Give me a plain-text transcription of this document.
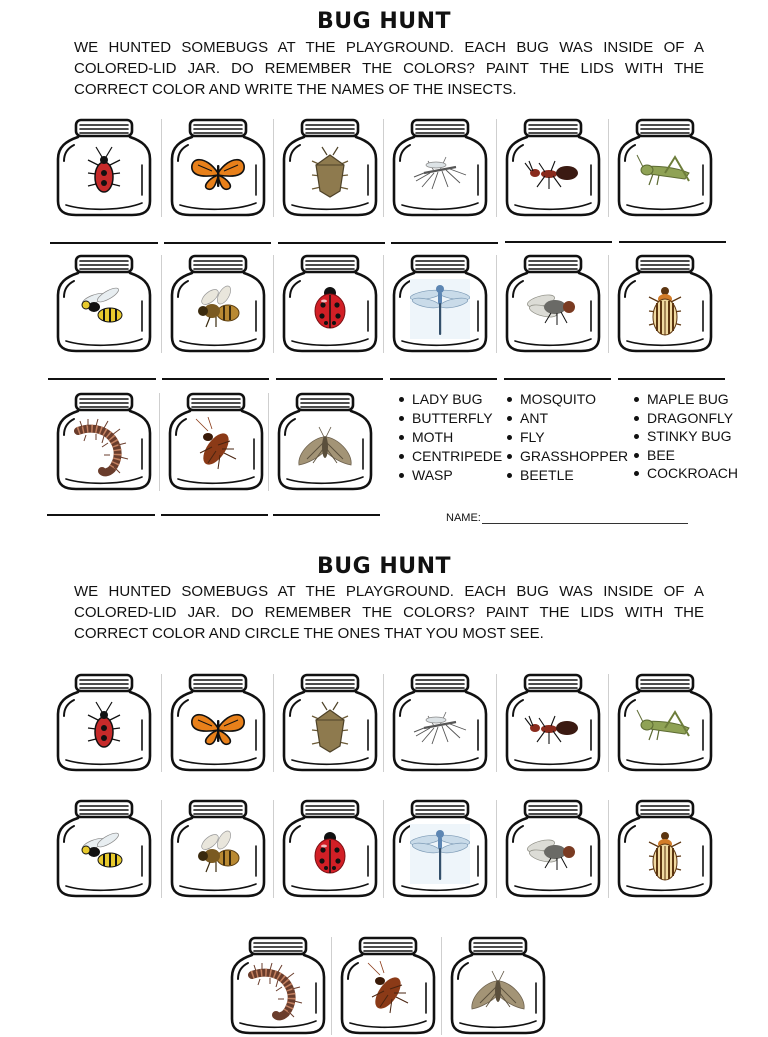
BUG HUNT

WE HUNTED SOMEBUGS AT THE PLAYGROUND. EACH BUG WAS INSIDE OF A COLORED-LID JAR. DO REMEMBER THE COLORS? PAINT THE LIDS WITH THE CORRECT COLOR AND WRITE THE NAMES OF THE INSECTS.

LADY BUG
BUTTERFLY
MOTH
CENTRIPEDE
WASP
MOSQUITO
ANT
FLY
GRASSHOPPER
BEETLE
MAPLE BUG
DRAGONFLY
STINKY BUG
BEE
COCKROACH
NAME:
BUG HUNT

WE HUNTED SOMEBUGS AT THE PLAYGROUND. EACH BUG WAS INSIDE OF A COLORED-LID JAR. DO REMEMBER THE COLORS? PAINT THE LIDS WITH THE CORRECT COLOR AND CIRCLE THE ONES THAT YOU MOST SEE.
